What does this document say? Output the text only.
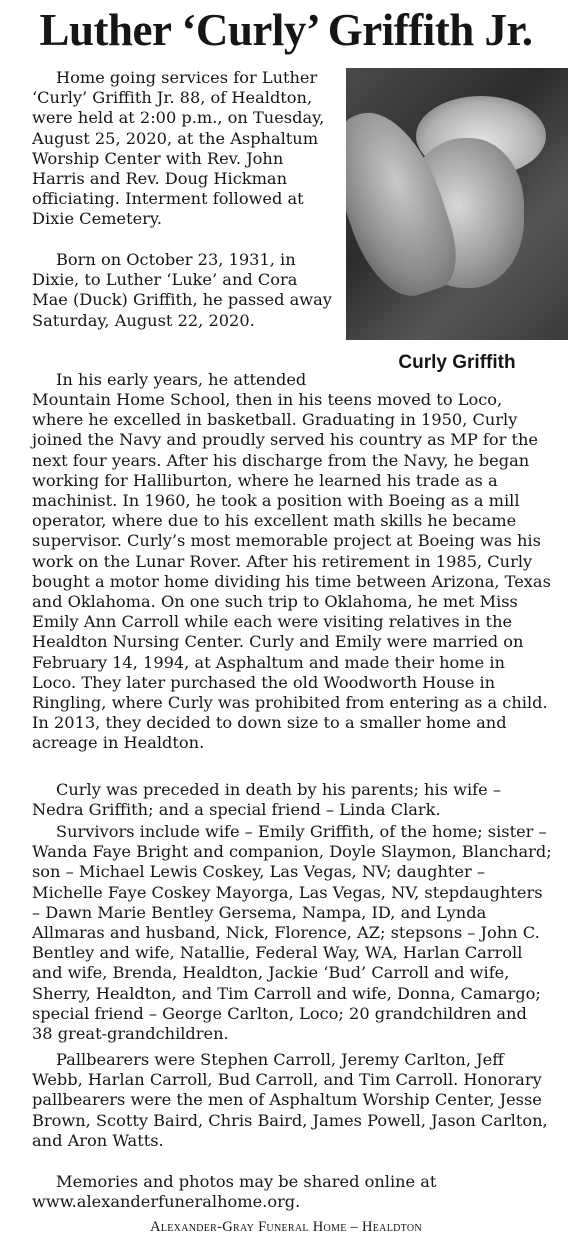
Luther ‘Curly’ Griffith Jr.
Curly Griffith

Home going services for Luther ‘Curly’ Griffith Jr. 88, of Healdton, were held at 2:00 p.m., on Tuesday, August 25, 2020, at the Asphaltum Worship Center with Rev. John Harris and Rev. Doug Hickman officiating. Interment followed at Dixie Cemetery.

Born on October 23, 1931, in Dixie, to Luther ‘Luke’ and Cora Mae (Duck) Griffith, he passed away Saturday, August 22, 2020.

In his early years, he attended

Mountain Home School, then in his teens moved to Loco, where he excelled in basketball. Graduating in 1950, Curly joined the Navy and proudly served his country as MP for the next four years. After his discharge from the Navy, he began working for Halliburton, where he learned his trade as a machinist. In 1960, he took a position with Boeing as a mill operator, where due to his excellent math skills he became supervisor. Curly’s most memorable project at Boeing was his work on the Lunar Rover. After his retirement in 1985, Curly bought a motor home dividing his time between Arizona, Texas and Oklahoma. On one such trip to Oklahoma, he met Miss Emily Ann Carroll while each were visiting relatives in the Healdton Nursing Center. Curly and Emily were married on February 14, 1994, at Asphaltum and made their home in Loco. They later purchased the old Woodworth House in Ringling, where Curly was prohibited from entering as a child. In 2013, they decided to down size to a smaller home and acreage in Healdton.

Curly was preceded in death by his parents; his wife – Nedra Griffith; and a special friend – Linda Clark.

Survivors include wife – Emily Griffith, of the home; sister – Wanda Faye Bright and companion, Doyle Slaymon, Blanchard; son – Michael Lewis Coskey, Las Vegas, NV; daughter – Michelle Faye Coskey Mayorga, Las Vegas, NV, stepdaughters – Dawn Marie Bentley Gersema, Nampa, ID, and Lynda Allmaras and husband, Nick, Florence, AZ; stepsons – John C. Bentley and wife, Natallie, Federal Way, WA, Harlan Carroll and wife, Brenda, Healdton, Jackie ‘Bud’ Carroll and wife, Sherry, Healdton, and Tim Carroll and wife, Donna, Camargo; special friend – George Carlton, Loco; 20 grandchildren and 38 great-grandchildren.

Pallbearers were Stephen Carroll, Jeremy Carlton, Jeff Webb, Harlan Carroll, Bud Carroll, and Tim Carroll. Honorary pallbearers were the men of Asphaltum Worship Center, Jesse Brown, Scotty Baird, Chris Baird, James Powell, Jason Carlton, and Aron Watts.

Memories and photos may be shared online at www.alexanderfuneralhome.org.

Alexander-Gray Funeral Home – Healdton
